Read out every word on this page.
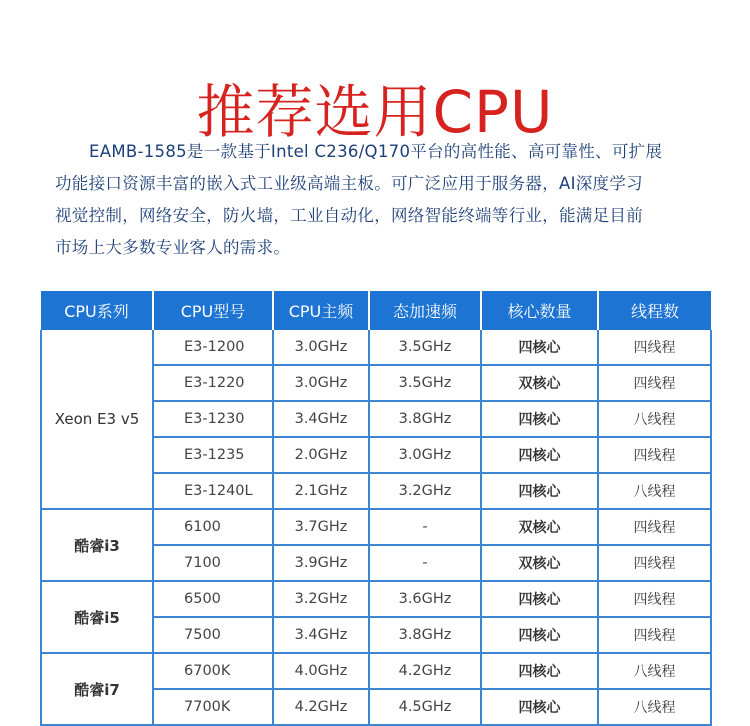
推荐选用CPU
EAMB-1585是一款基于Intel C236/Q170平台的高性能、高可靠性、可扩展
功能接口资源丰富的嵌入式工业级高端主板。可广泛应用于服务器，AI深度学习
视觉控制，网络安全，防火墙，工业自动化，网络智能终端等行业，能满足目前
市场上大多数专业客人的需求。
CPU系列	CPU型号	CPU主频	态加速频	核心数量	线程数
Xeon E3 v5	E3-1200	3.0GHz	3.5GHz	四核心	四线程
	E3-1220	3.0GHz	3.5GHz	双核心	四线程
	E3-1230	3.4GHz	3.8GHz	四核心	八线程
	E3-1235	2.0GHz	3.0GHz	四核心	四线程
	E3-1240L	2.1GHz	3.2GHz	四核心	八线程
酷睿i3	6100	3.7GHz	-	双核心	四线程
	7100	3.9GHz	-	双核心	四线程
酷睿i5	6500	3.2GHz	3.6GHz	四核心	四线程
	7500	3.4GHz	3.8GHz	四核心	四线程
酷睿i7	6700K	4.0GHz	4.2GHz	四核心	八线程
	7700K	4.2GHz	4.5GHz	四核心	八线程
